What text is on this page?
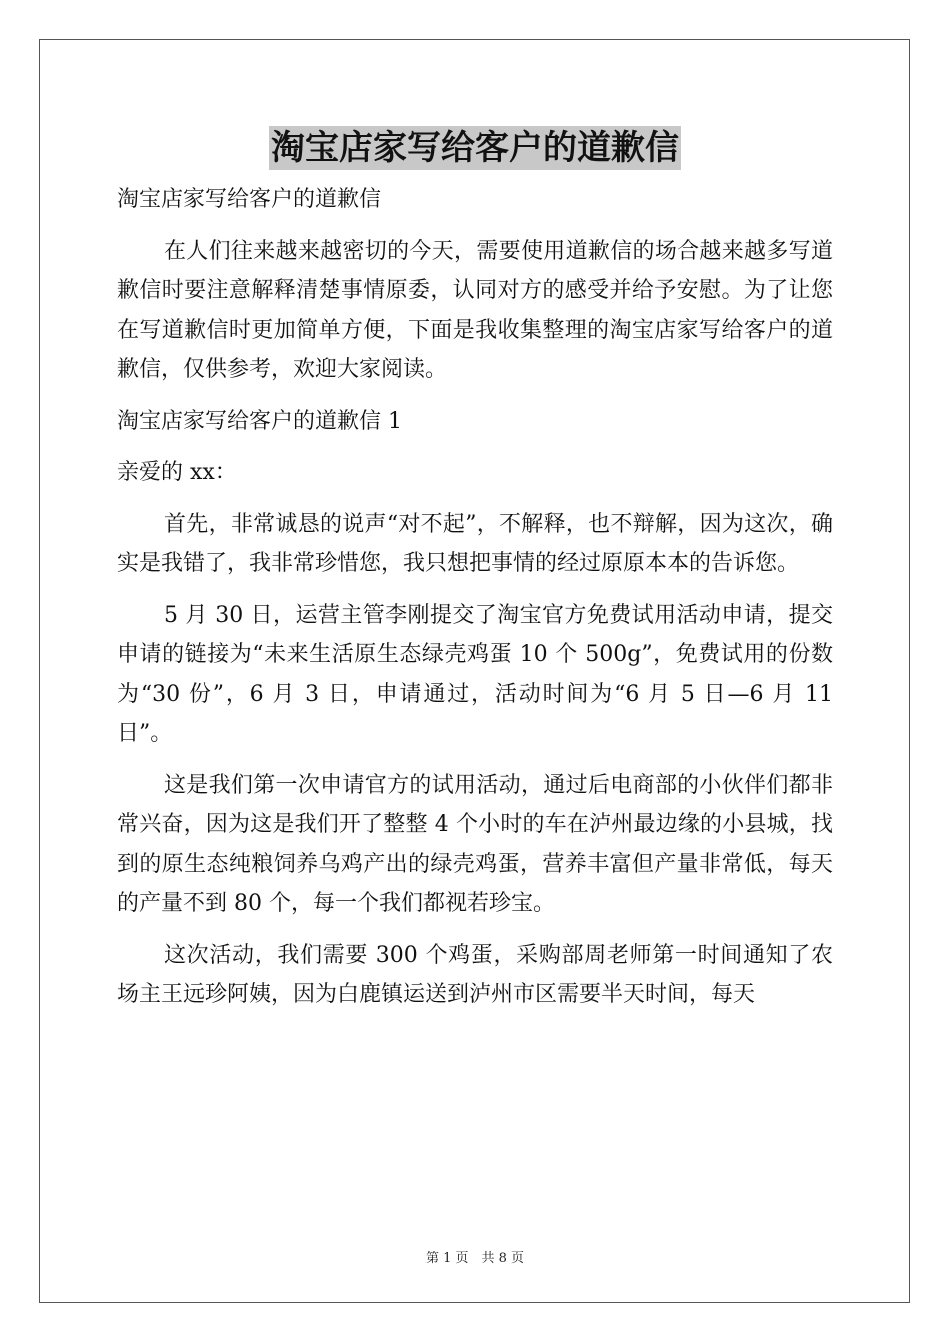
淘宝店家写给客户的道歉信

淘宝店家写给客户的道歉信

在人们往来越来越密切的今天，需要使用道歉信的场合越来越多写道歉信时要注意解释清楚事情原委，认同对方的感受并给予安慰。为了让您在写道歉信时更加简单方便，下面是我收集整理的淘宝店家写给客户的道歉信，仅供参考，欢迎大家阅读。

淘宝店家写给客户的道歉信 1

亲爱的 xx：

首先，非常诚恳的说声“对不起”，不解释，也不辩解，因为这次，确实是我错了，我非常珍惜您，我只想把事情的经过原原本本的告诉您。

5 月 30 日，运营主管李刚提交了淘宝官方免费试用活动申请，提交申请的链接为“未来生活原生态绿壳鸡蛋 10 个 500g”，免费试用的份数为“30 份”，6 月 3 日，申请通过，活动时间为“6 月 5 日—6 月 11 日”。

这是我们第一次申请官方的试用活动，通过后电商部的小伙伴们都非常兴奋，因为这是我们开了整整 4 个小时的车在泸州最边缘的小县城，找到的原生态纯粮饲养乌鸡产出的绿壳鸡蛋，营养丰富但产量非常低，每天的产量不到 80 个，每一个我们都视若珍宝。

这次活动，我们需要 300 个鸡蛋，采购部周老师第一时间通知了农场主王远珍阿姨，因为白鹿镇运送到泸州市区需要半天时间，每天

第 1 页　共 8 页
